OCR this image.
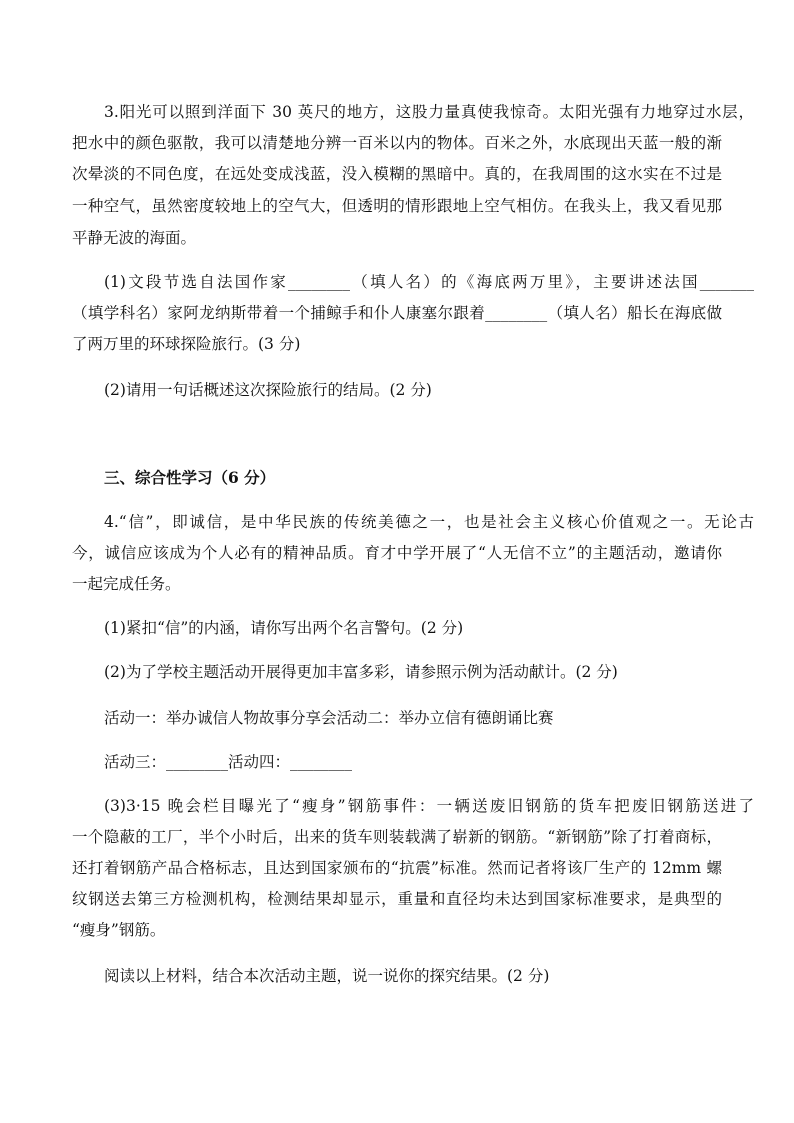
3.阳光可以照到洋面下 30 英尺的地方，这股力量真使我惊奇。太阳光强有力地穿过水层，
把水中的颜色驱散，我可以清楚地分辨一百米以内的物体。百米之外，水底现出天蓝一般的渐
次晕淡的不同色度，在远处变成浅蓝，没入模糊的黑暗中。真的，在我周围的这水实在不过是
一种空气，虽然密度较地上的空气大，但透明的情形跟地上空气相仿。在我头上，我又看见那
平静无波的海面。
(1)文段节选自法国作家________（填人名）的《海底两万里》，主要讲述法国_______
（填学科名）家阿龙纳斯带着一个捕鲸手和仆人康塞尔跟着________（填人名）船长在海底做
了两万里的环球探险旅行。(3 分)
(2)请用一句话概述这次探险旅行的结局。(2 分)
三、综合性学习（6 分）
4.“信”，即诚信，是中华民族的传统美德之一，也是社会主义核心价值观之一。无论古
今，诚信应该成为个人必有的精神品质。育才中学开展了“人无信不立”的主题活动，邀请你
一起完成任务。
(1)紧扣“信”的内涵，请你写出两个名言警句。(2 分)
(2)为了学校主题活动开展得更加丰富多彩，请参照示例为活动献计。(2 分)
活动一：举办诚信人物故事分享会活动二：举办立信有德朗诵比赛
活动三：________活动四：________
(3)3·15 晚会栏目曝光了“瘦身”钢筋事件：一辆送废旧钢筋的货车把废旧钢筋送进了
一个隐蔽的工厂，半个小时后，出来的货车则装载满了崭新的钢筋。“新钢筋”除了打着商标，
还打着钢筋产品合格标志，且达到国家颁布的“抗震”标准。然而记者将该厂生产的 12mm 螺
纹钢送去第三方检测机构，检测结果却显示，重量和直径均未达到国家标准要求，是典型的
“瘦身”钢筋。
阅读以上材料，结合本次活动主题，说一说你的探究结果。(2 分)
